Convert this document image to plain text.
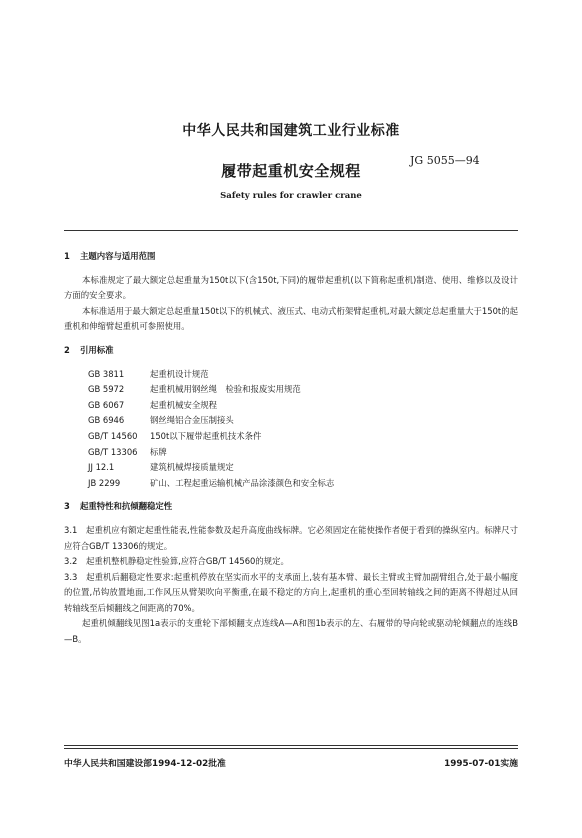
中华人民共和国建筑工业行业标准
JG 5055—94
履带起重机安全规程
Safety rules for crawler crane
1 主题内容与适用范围

本标准规定了最大额定总起重量为150t以下(含150t,下同)的履带起重机(以下简称起重机)制造、使用、维修以及设计方面的安全要求。

本标准适用于最大额定总起重量150t以下的机械式、液压式、电动式桁架臂起重机,对最大额定总起重量大于150t的起重机和伸缩臂起重机可参照使用。

2 引用标准
GB 3811	起重机设计规范
GB 5972	起重机械用钢丝绳　检验和报废实用规范
GB 6067	起重机械安全规程
GB 6946	钢丝绳铝合金压制接头
GB/T 14560 150t以下履带起重机技术条件
GB/T 13306 标牌
JJ 12.1	建筑机械焊接质量规定
JB 2299	矿山、工程起重运输机械产品涂漆颜色和安全标志
3 起重特性和抗倾翻稳定性

3.1 起重机应有额定起重性能表,性能参数及起升高度曲线标牌。它必须固定在能使操作者便于看到的操纵室内。标牌尺寸应符合GB/T 13306的规定。

3.2 起重机整机静稳定性验算,应符合GB/T 14560的规定。

3.3 起重机后翻稳定性要求:起重机停放在坚实而水平的支承面上,装有基本臂、最长主臂或主臂加副臂组合,处于最小幅度的位置,吊钩放置地面,工作风压从臂架吹向平衡重,在最不稳定的方向上,起重机的重心至回转轴线之间的距离不得超过从回转轴线至后倾翻线之间距离的70%。

起重机倾翻线见图1a表示的支重轮下部倾翻支点连线A—A和图1b表示的左、右履带的导向轮或驱动轮倾翻点的连线B—B。

中华人民共和国建设部1994-12-02批准	1995-07-01实施
